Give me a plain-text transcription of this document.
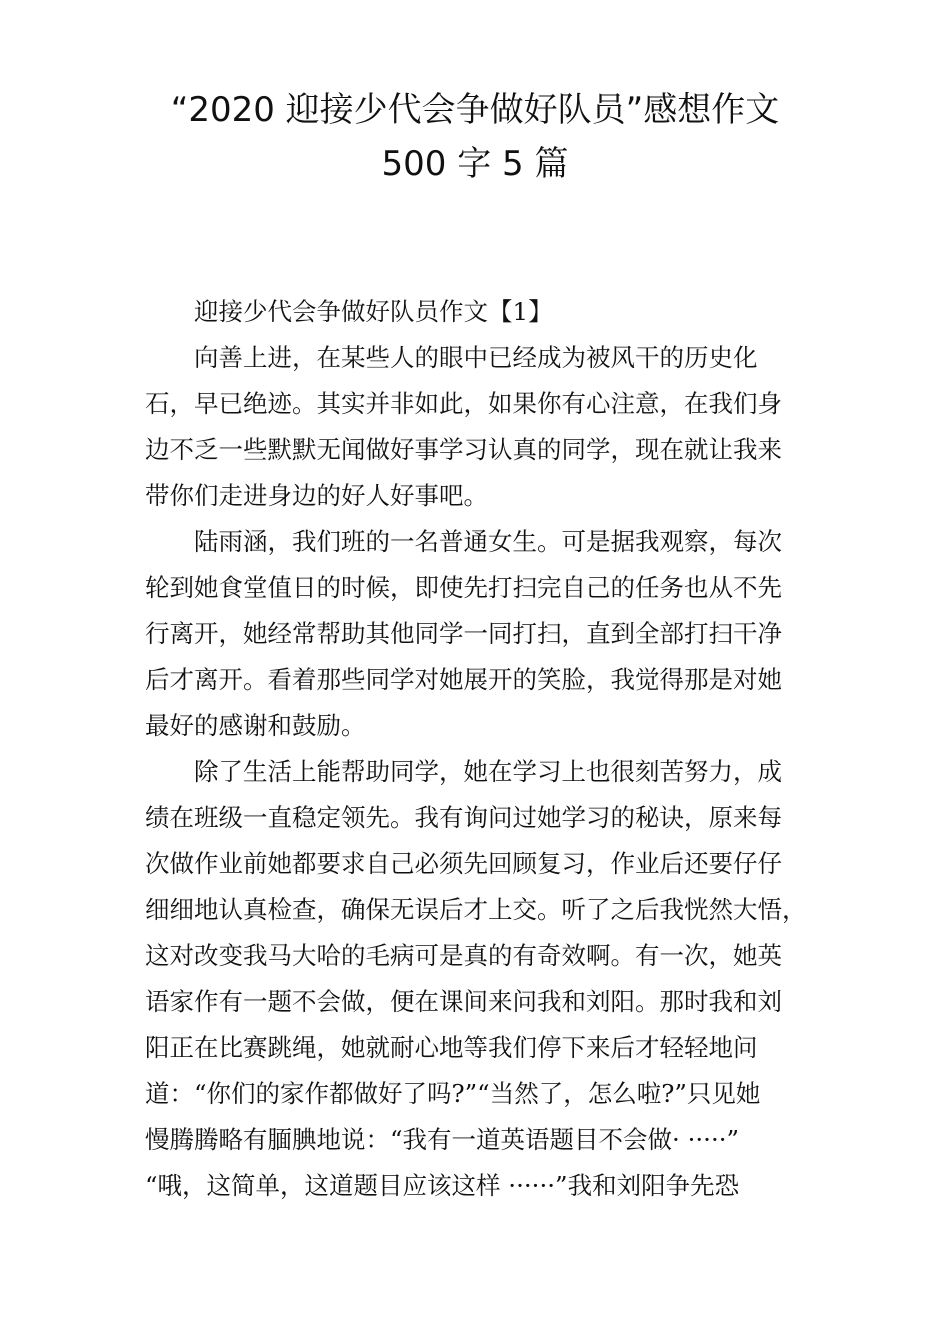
“2020 迎接少代会争做好队员”感想作文
500 字 5 篇
迎接少代会争做好队员作文【1】
向善上进，在某些人的眼中已经成为被风干的历史化
石，早已绝迹。其实并非如此，如果你有心注意，在我们身
边不乏一些默默无闻做好事学习认真的同学，现在就让我来
带你们走进身边的好人好事吧。
陆雨涵，我们班的一名普通女生。可是据我观察，每次
轮到她食堂值日的时候，即使先打扫完自己的任务也从不先
行离开，她经常帮助其他同学一同打扫，直到全部打扫干净
后才离开。看着那些同学对她展开的笑脸，我觉得那是对她
最好的感谢和鼓励。
除了生活上能帮助同学，她在学习上也很刻苦努力，成
绩在班级一直稳定领先。我有询问过她学习的秘诀，原来每
次做作业前她都要求自己必须先回顾复习，作业后还要仔仔
细细地认真检查，确保无误后才上交。听了之后我恍然大悟，
这对改变我马大哈的毛病可是真的有奇效啊。有一次，她英
语家作有一题不会做，便在课间来问我和刘阳。那时我和刘
阳正在比赛跳绳，她就耐心地等我们停下来后才轻轻地问
道：“你们的家作都做好了吗?”“当然了，怎么啦?”只见她
慢腾腾略有腼腆地说：“我有一道英语题目不会做· ·····”
“哦，这简单，这道题目应该这样 ······”我和刘阳争先恐
